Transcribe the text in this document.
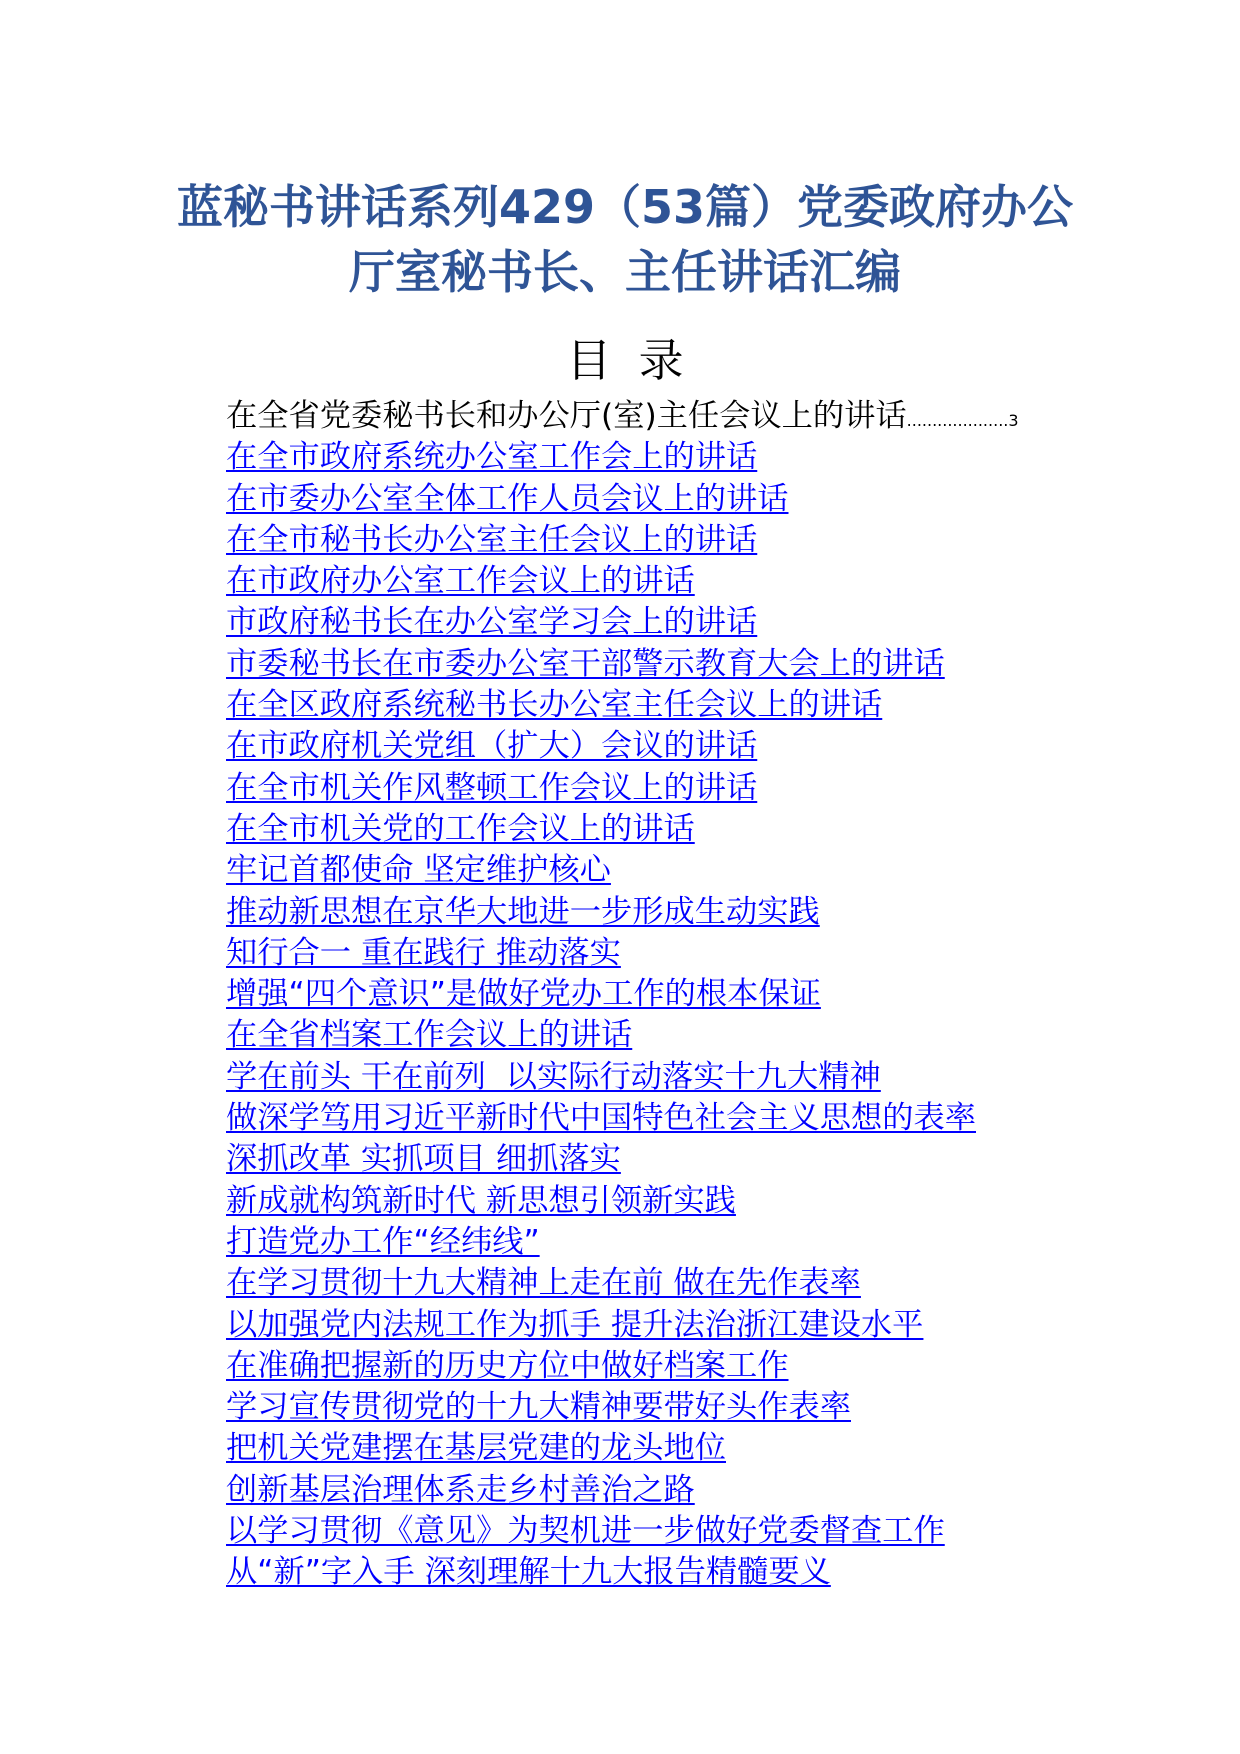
蓝秘书讲话系列429（53篇）党委政府办公
厅室秘书长、主任讲话汇编
目 录
在全省党委秘书长和办公厅(室)主任会议上的讲话....................3
在全市政府系统办公室工作会上的讲话
在市委办公室全体工作人员会议上的讲话
在全市秘书长办公室主任会议上的讲话
在市政府办公室工作会议上的讲话
市政府秘书长在办公室学习会上的讲话
市委秘书长在市委办公室干部警示教育大会上的讲话
在全区政府系统秘书长办公室主任会议上的讲话
在市政府机关党组（扩大）会议的讲话
在全市机关作风整顿工作会议上的讲话
在全市机关党的工作会议上的讲话
牢记首都使命 坚定维护核心
推动新思想在京华大地进一步形成生动实践
知行合一 重在践行 推动落实
增强“四个意识”是做好党办工作的根本保证
在全省档案工作会议上的讲话
学在前头 干在前列  以实际行动落实十九大精神
做深学笃用习近平新时代中国特色社会主义思想的表率
深抓改革 实抓项目 细抓落实
新成就构筑新时代 新思想引领新实践
打造党办工作“经纬线”
在学习贯彻十九大精神上走在前 做在先作表率
以加强党内法规工作为抓手 提升法治浙江建设水平
在准确把握新的历史方位中做好档案工作
学习宣传贯彻党的十九大精神要带好头作表率
把机关党建摆在基层党建的龙头地位
创新基层治理体系走乡村善治之路
以学习贯彻《意见》为契机进一步做好党委督查工作
从“新”字入手 深刻理解十九大报告精髓要义
